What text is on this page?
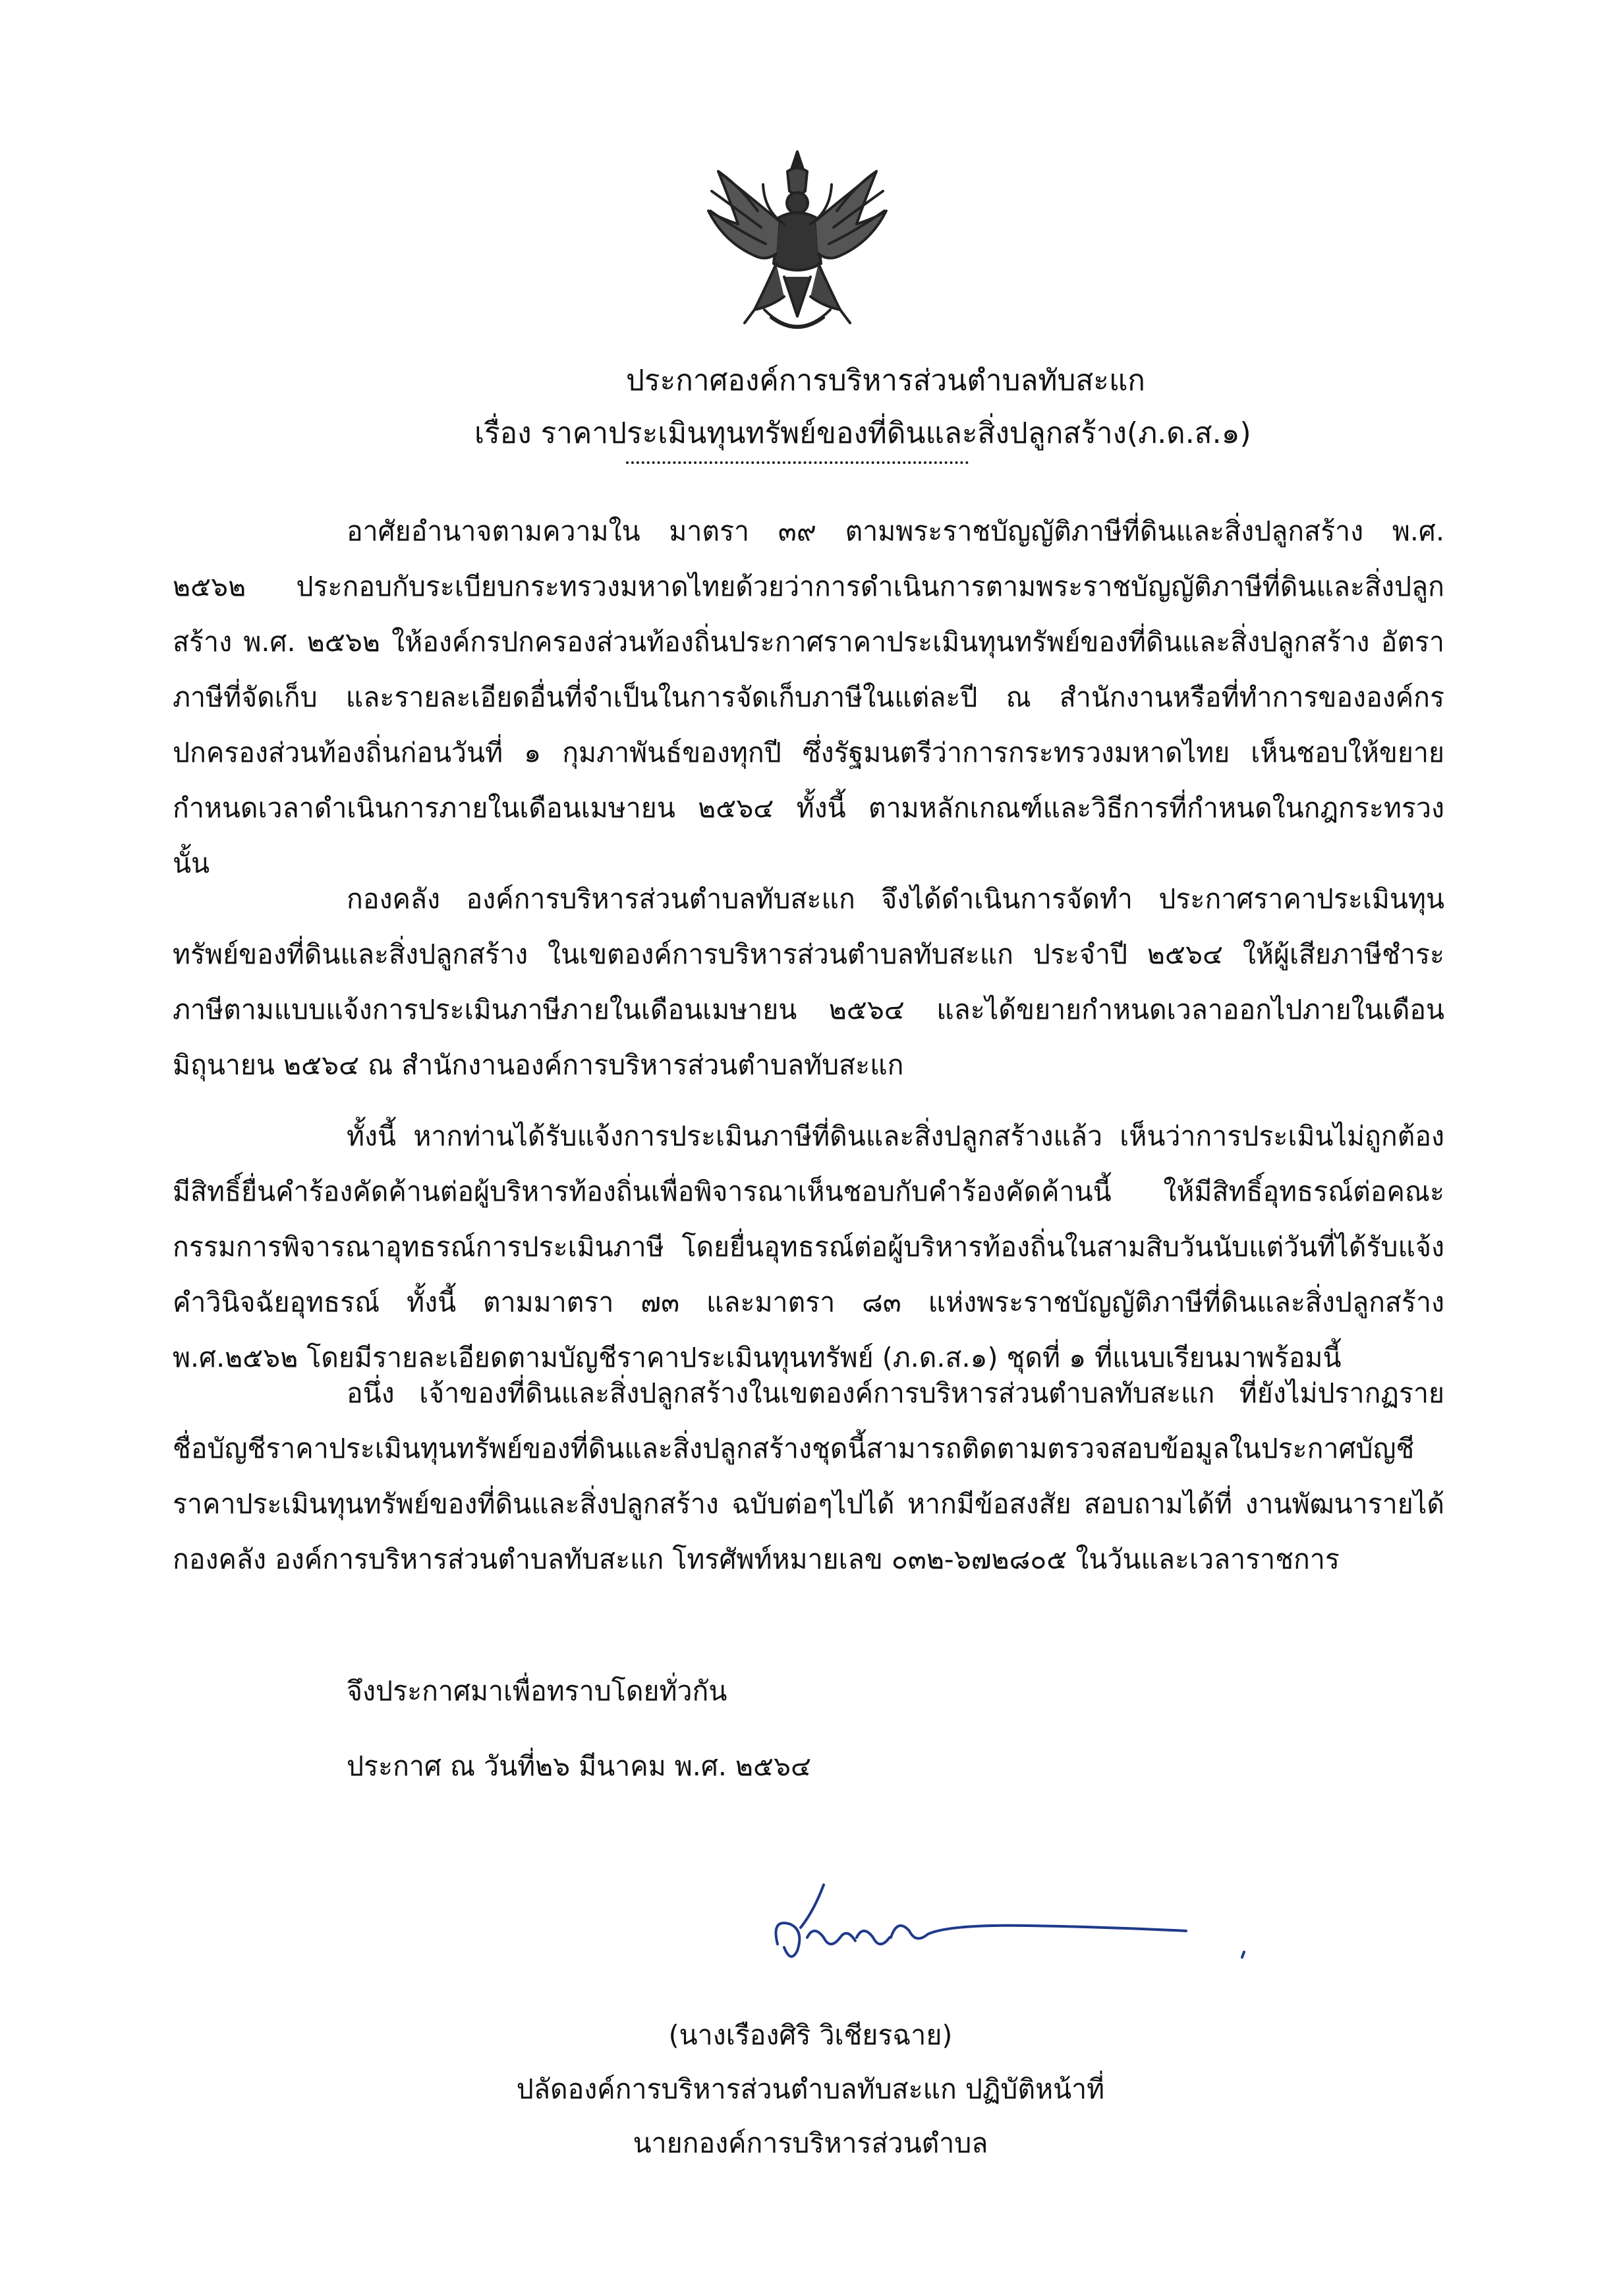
ประกาศองค์การบริหารส่วนตำบลทับสะแก
เรื่อง ราคาประเมินทุนทรัพย์ของที่ดินและสิ่งปลูกสร้าง(ภ.ด.ส.๑)
อาศัยอำนาจตามความใน มาตรา ๓๙ ตามพระราชบัญญัติภาษีที่ดินและสิ่งปลูกสร้าง พ.ศ. ๒๕๖๒ ประกอบกับระเบียบกระทรวงมหาดไทยด้วยว่าการดำเนินการตามพระราชบัญญัติภาษีที่ดินและสิ่งปลูกสร้าง พ.ศ. ๒๕๖๒ ให้องค์กรปกครองส่วนท้องถิ่นประกาศราคาประเมินทุนทรัพย์ของที่ดินและสิ่งปลูกสร้าง อัตราภาษีที่จัดเก็บ และรายละเอียดอื่นที่จำเป็นในการจัดเก็บภาษีในแต่ละปี ณ สำนักงานหรือที่ทำการขององค์กรปกครองส่วนท้องถิ่นก่อนวันที่ ๑ กุมภาพันธ์ของทุกปี ซึ่งรัฐมนตรีว่าการกระทรวงมหาดไทย เห็นชอบให้ขยายกำหนดเวลาดำเนินการภายในเดือนเมษายน ๒๕๖๔ ทั้งนี้ ตามหลักเกณฑ์และวิธีการที่กำหนดในกฎกระทรวง นั้น
กองคลัง องค์การบริหารส่วนตำบลทับสะแก จึงได้ดำเนินการจัดทำ ประกาศราคาประเมินทุนทรัพย์ของที่ดินและสิ่งปลูกสร้าง ในเขตองค์การบริหารส่วนตำบลทับสะแก ประจำปี ๒๕๖๔ ให้ผู้เสียภาษีชำระภาษีตามแบบแจ้งการประเมินภาษีภายในเดือนเมษายน ๒๕๖๔ และได้ขยายกำหนดเวลาออกไปภายในเดือนมิถุนายน ๒๕๖๔ ณ สำนักงานองค์การบริหารส่วนตำบลทับสะแก
ทั้งนี้ หากท่านได้รับแจ้งการประเมินภาษีที่ดินและสิ่งปลูกสร้างแล้ว เห็นว่าการประเมินไม่ถูกต้อง มีสิทธิ์ยื่นคำร้องคัดค้านต่อผู้บริหารท้องถิ่นเพื่อพิจารณาเห็นชอบกับคำร้องคัดค้านนี้ ให้มีสิทธิ์อุทธรณ์ต่อคณะกรรมการพิจารณาอุทธรณ์การประเมินภาษี โดยยื่นอุทธรณ์ต่อผู้บริหารท้องถิ่นในสามสิบวันนับแต่วันที่ได้รับแจ้งคำวินิจฉัยอุทธรณ์ ทั้งนี้ ตามมาตรา ๗๓ และมาตรา ๘๓ แห่งพระราชบัญญัติภาษีที่ดินและสิ่งปลูกสร้าง พ.ศ.๒๕๖๒ โดยมีรายละเอียดตามบัญชีราคาประเมินทุนทรัพย์ (ภ.ด.ส.๑) ชุดที่ ๑ ที่แนบเรียนมาพร้อมนี้
อนึ่ง เจ้าของที่ดินและสิ่งปลูกสร้างในเขตองค์การบริหารส่วนตำบลทับสะแก ที่ยังไม่ปรากฏรายชื่อบัญชีราคาประเมินทุนทรัพย์ของที่ดินและสิ่งปลูกสร้างชุดนี้สามารถติดตามตรวจสอบข้อมูลในประกาศบัญชีราคาประเมินทุนทรัพย์ของที่ดินและสิ่งปลูกสร้าง ฉบับต่อๆไปได้ หากมีข้อสงสัย สอบถามได้ที่ งานพัฒนารายได้ กองคลัง องค์การบริหารส่วนตำบลทับสะแก โทรศัพท์หมายเลข ๐๓๒-๖๗๒๘๐๕ ในวันและเวลาราชการ
จึงประกาศมาเพื่อทราบโดยทั่วกัน
ประกาศ ณ วันที่๒๖ มีนาคม พ.ศ. ๒๕๖๔
(นางเรืองศิริ วิเชียรฉาย)
ปลัดองค์การบริหารส่วนตำบลทับสะแก ปฏิบัติหน้าที่
นายกองค์การบริหารส่วนตำบล
